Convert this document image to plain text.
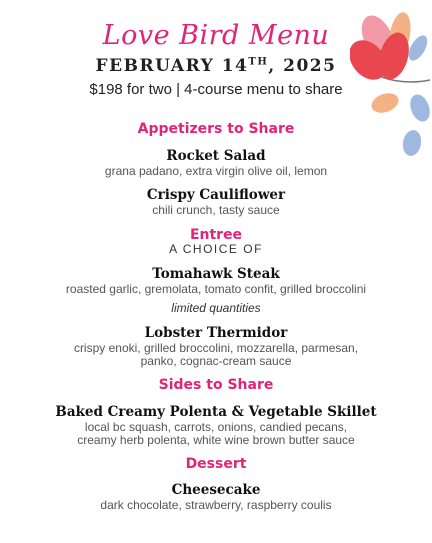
Love Bird Menu
FEBRUARY 14TH, 2025
$198 for two | 4-course menu to share
Appetizers to Share
Rocket Salad
grana padano, extra virgin olive oil, lemon
Crispy Cauliflower
chili crunch, tasty sauce
Entree
A CHOICE OF
Tomahawk Steak
roasted garlic, gremolata, tomato confit, grilled broccolini
limited quantities
Lobster Thermidor
crispy enoki, grilled broccolini, mozzarella, parmesan,
panko, cognac-cream sauce
Sides to Share
Baked Creamy Polenta & Vegetable Skillet
local bc squash, carrots, onions, candied pecans,
creamy herb polenta, white wine brown butter sauce
Dessert
Cheesecake
dark chocolate, strawberry, raspberry coulis
